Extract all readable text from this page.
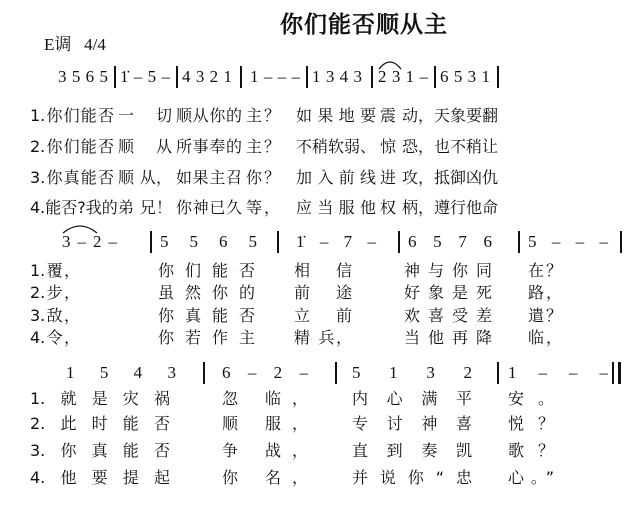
你们能否顺从主
E调 4/4
3 5 6 5 1̇ – 5 – 4 3 2 1 1 – – – 1 3 4 3 2 3 1 – 6 5 3 1
1.你们能否 一 切 顺从你的 主？ 如果地要 震 动，天象要翻
2.你们能否 顺 从 所事奉的 主？ 不稍软弱、 惊 恐，也不稍让
3.你真能否 顺 从， 如果主召 你？ 加入前线 进 攻，抵御凶仇
4.能否?我的 弟 兄！ 你神已久 等， 应当服他 权 柄，遵行他命
3 – 2 –	5 5 6 5 1̇ – 7 – 6 5 7 6 5 – – –
1.覆，	你们能否 相 信	神与你同 在？
2.步，	虽然你的 前 途	好象是死 路，
3.敌，	你真能否 立 前	欢喜受差 遣？
4.令，	你若作主 精 兵，	当他再降 临，
1 5 4 3	6 – 2 –	5 1 3 2 1 – – –
1.就是灾祸	忽 临，	内心满平 安。
2.此时能否	顺 服，	专讨神喜 悦？
3.你真能否	争 战，	直到奏凯 歌？
4.他要提起	你 名，	并说你“忠 心。”
